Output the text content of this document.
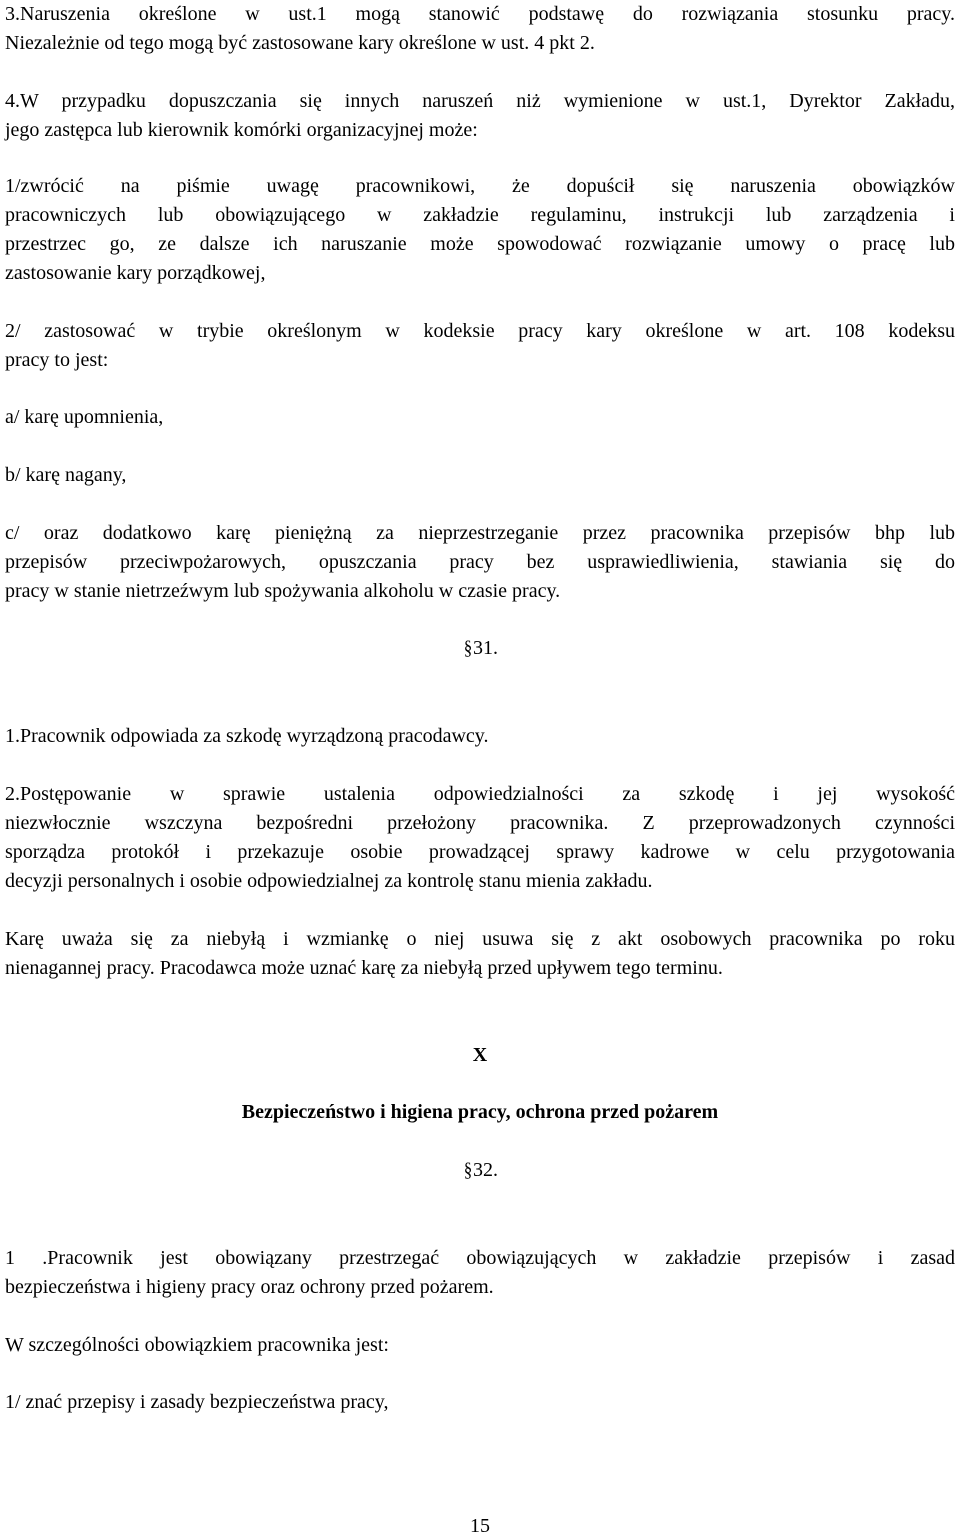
3.Naruszenia określone w ust.1 mogą stanowić podstawę do rozwiązania stosunku pracy.
Niezależnie od tego mogą być zastosowane kary określone w ust. 4 pkt 2.
4.W przypadku dopuszczania się innych naruszeń niż wymienione w ust.1, Dyrektor Zakładu,
jego zastępca lub kierownik komórki organizacyjnej może:
1/zwrócić na piśmie uwagę pracownikowi, że dopuścił się naruszenia obowiązków
pracowniczych lub obowiązującego w zakładzie regulaminu, instrukcji lub zarządzenia i
przestrzec go, ze dalsze ich naruszanie może spowodować rozwiązanie umowy o pracę lub
zastosowanie kary porządkowej,
2/ zastosować w trybie określonym w kodeksie pracy kary określone w art. 108 kodeksu
pracy to jest:
a/ karę upomnienia,
b/ karę nagany,
c/ oraz dodatkowo karę pieniężną za nieprzestrzeganie przez pracownika przepisów bhp lub
przepisów przeciwpożarowych, opuszczania pracy bez usprawiedliwienia, stawiania się do
pracy w stanie nietrzeźwym lub spożywania alkoholu w czasie pracy.
§31.
1.Pracownik odpowiada za szkodę wyrządzoną pracodawcy.
2.Postępowanie w sprawie ustalenia odpowiedzialności za szkodę i jej wysokość
niezwłocznie wszczyna bezpośredni przełożony pracownika. Z przeprowadzonych czynności
sporządza protokół i przekazuje osobie prowadzącej sprawy kadrowe w celu przygotowania
decyzji personalnych i osobie odpowiedzialnej za kontrolę stanu mienia zakładu.
Karę uważa się za niebyłą i wzmiankę o niej usuwa się z akt osobowych pracownika po roku
nienagannej pracy. Pracodawca może uznać karę za niebyłą przed upływem tego terminu.
X
Bezpieczeństwo i higiena pracy, ochrona przed pożarem
§32.
1 .Pracownik jest obowiązany przestrzegać obowiązujących w zakładzie przepisów i zasad
bezpieczeństwa i higieny pracy oraz ochrony przed pożarem.
W szczególności obowiązkiem pracownika jest:
1/ znać przepisy i zasady bezpieczeństwa pracy,
15
